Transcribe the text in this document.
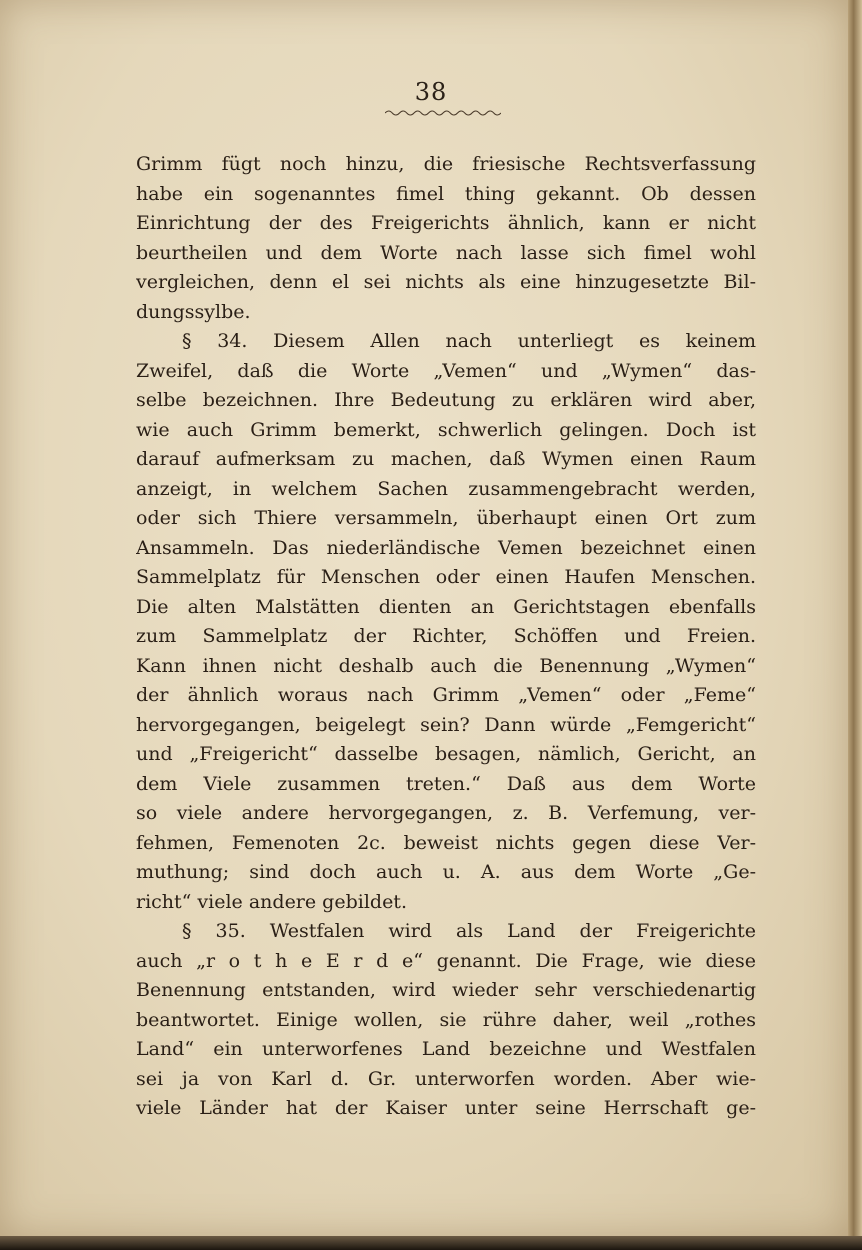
38
Grimm fügt noch hinzu, die friesische Rechtsverfassung
habe ein sogenanntes fimel thing gekannt. Ob dessen
Einrichtung der des Freigerichts ähnlich, kann er nicht
beurtheilen und dem Worte nach lasse sich fimel wohl
vergleichen, denn el sei nichts als eine hinzugesetzte Bil-
dungssylbe.
§ 34. Diesem Allen nach unterliegt es keinem
Zweifel, daß die Worte „Vemen“ und „Wymen“ das-
selbe bezeichnen. Ihre Bedeutung zu erklären wird aber,
wie auch Grimm bemerkt, schwerlich gelingen. Doch ist
darauf aufmerksam zu machen, daß Wymen einen Raum
anzeigt, in welchem Sachen zusammengebracht werden,
oder sich Thiere versammeln, überhaupt einen Ort zum
Ansammeln. Das niederländische Vemen bezeichnet einen
Sammelplatz für Menschen oder einen Haufen Menschen.
Die alten Malstätten dienten an Gerichtstagen ebenfalls
zum Sammelplatz der Richter, Schöffen und Freien.
Kann ihnen nicht deshalb auch die Benennung „Wymen“
der ähnlich woraus nach Grimm „Vemen“ oder „Feme“
hervorgegangen, beigelegt sein? Dann würde „Femgericht“
und „Freigericht“ dasselbe besagen, nämlich, Gericht, an
dem Viele zusammen treten.“ Daß aus dem Worte
so viele andere hervorgegangen, z. B. Verfemung, ver-
fehmen, Femenoten 2c. beweist nichts gegen diese Ver-
muthung; sind doch auch u. A. aus dem Worte „Ge-
richt“ viele andere gebildet.
§ 35. Westfalen wird als Land der Freigerichte
auch „r o t h e E r d e“ genannt. Die Frage, wie diese
Benennung entstanden, wird wieder sehr verschiedenartig
beantwortet. Einige wollen, sie rühre daher, weil „rothes
Land“ ein unterworfenes Land bezeichne und Westfalen
sei ja von Karl d. Gr. unterworfen worden. Aber wie-
viele Länder hat der Kaiser unter seine Herrschaft ge-
